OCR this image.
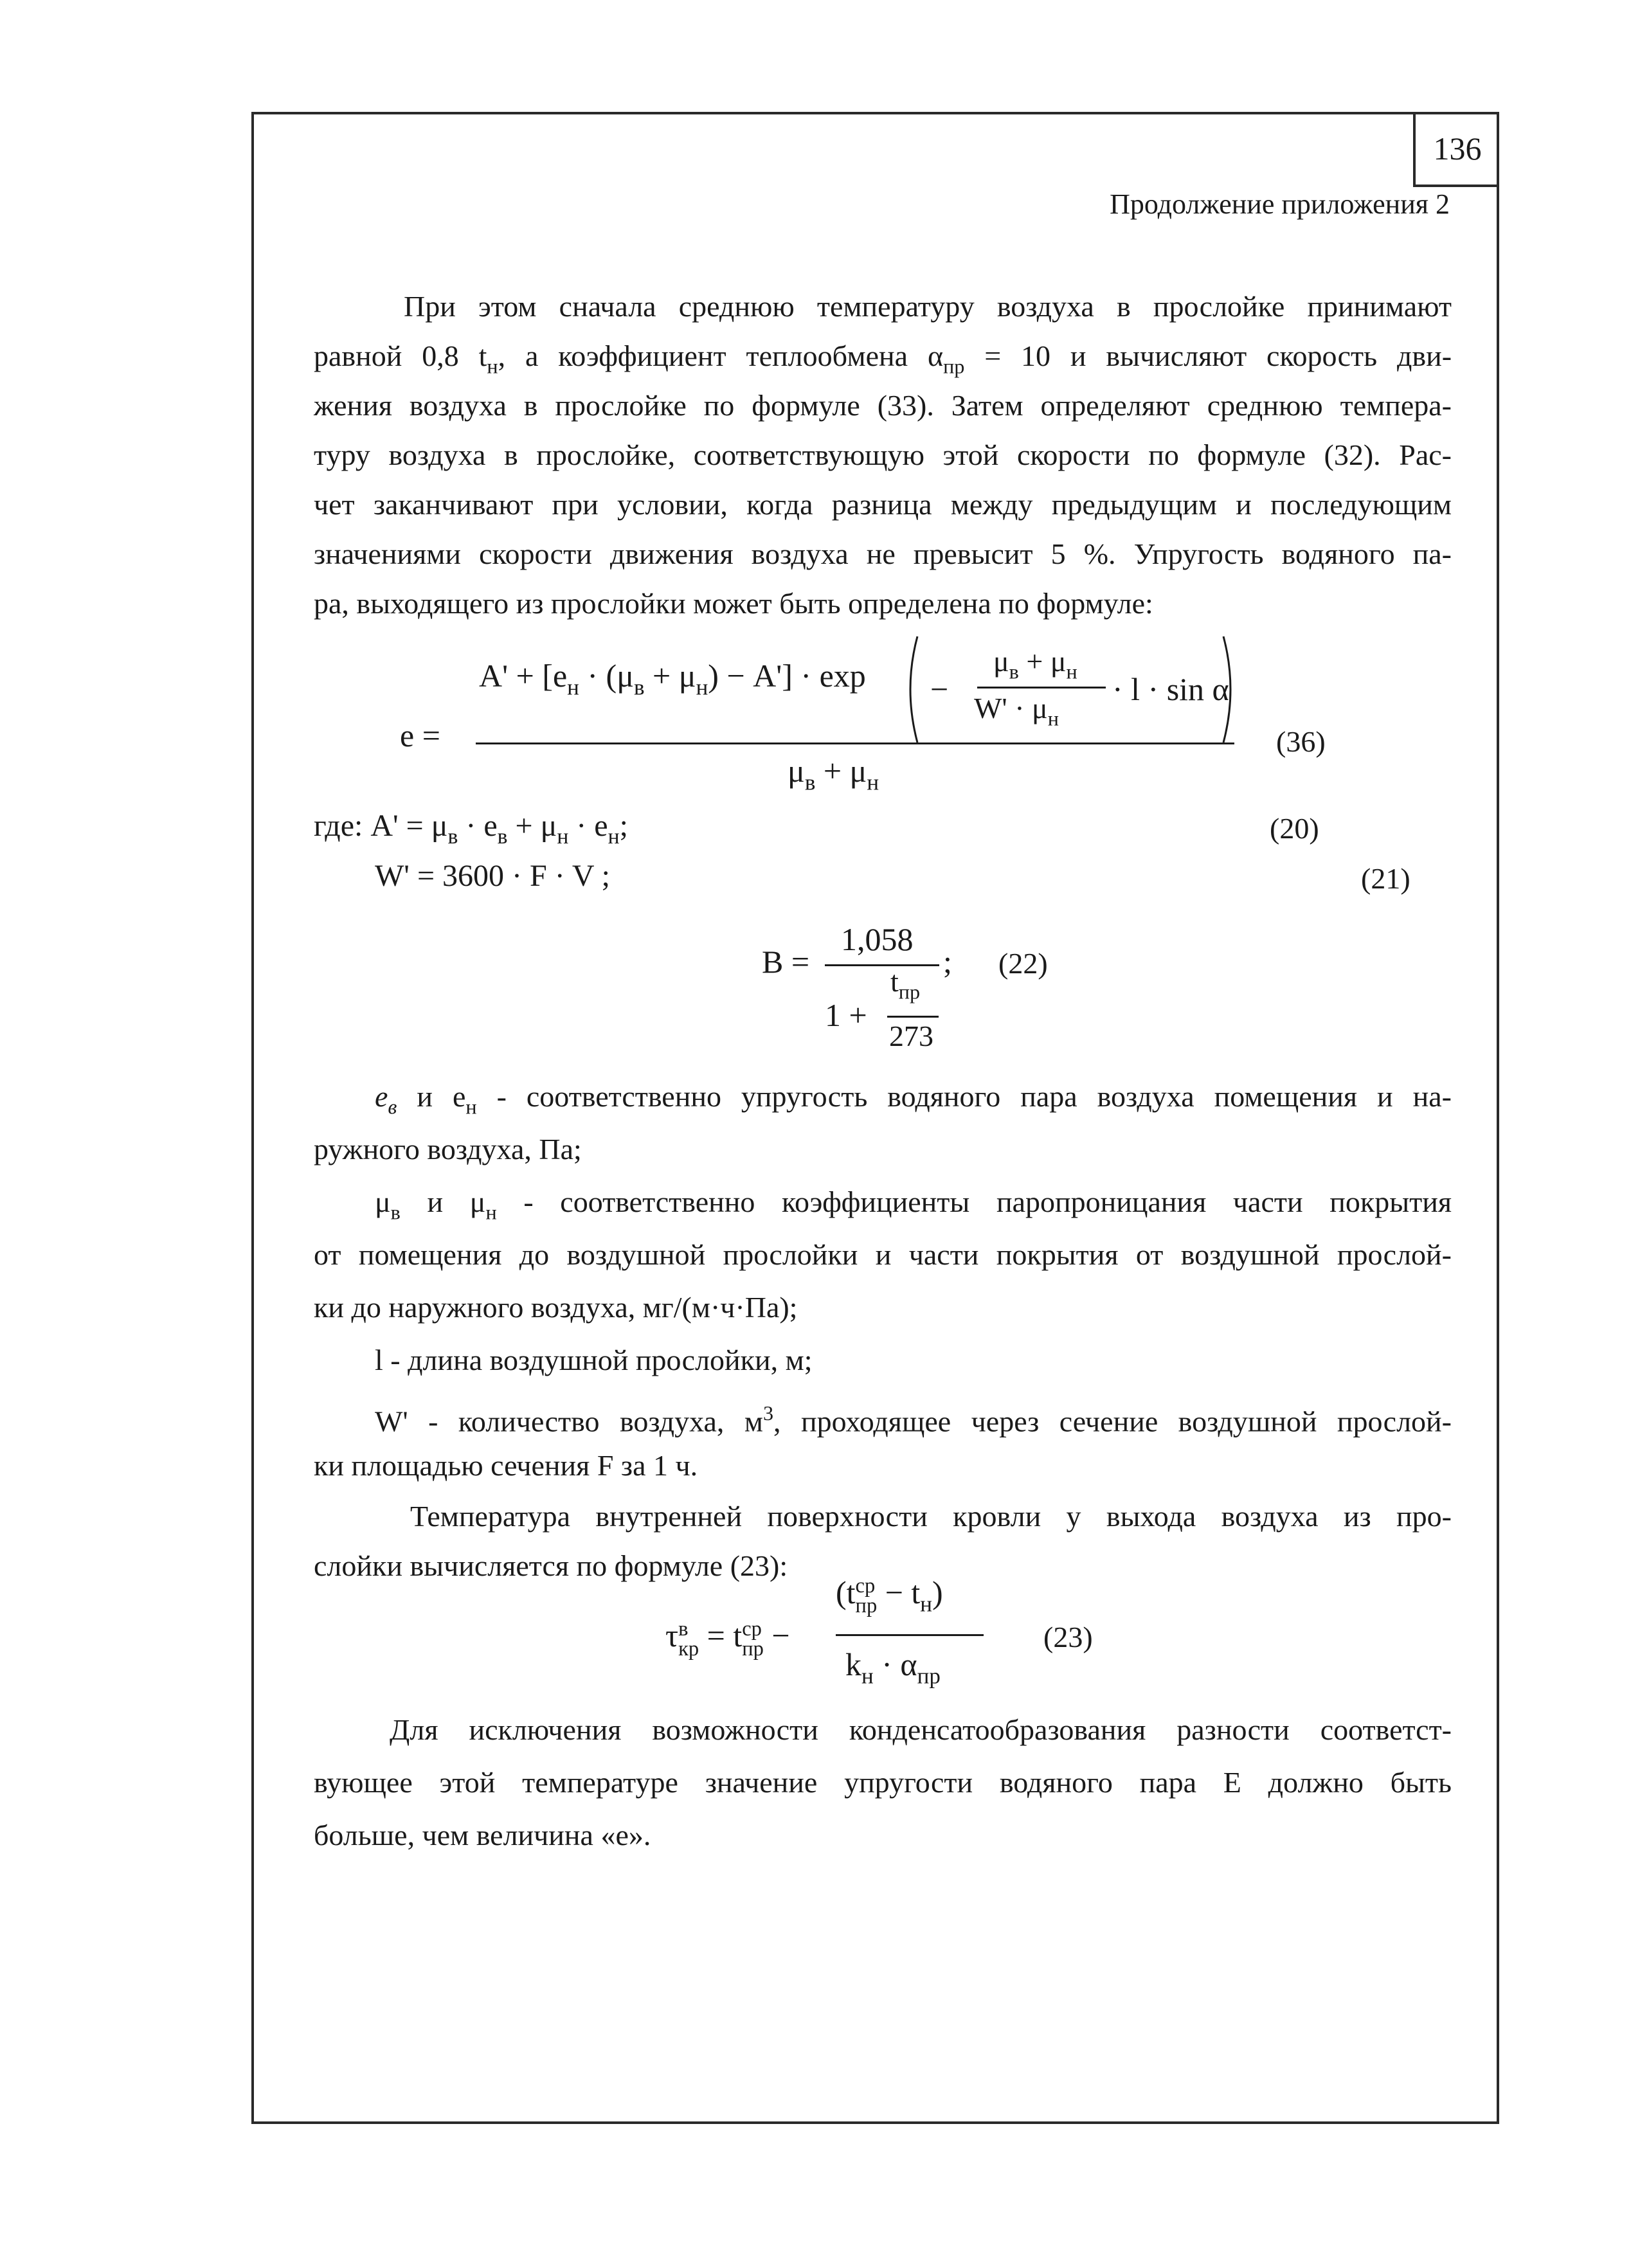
136
Продолжение приложения 2
При этом сначала среднюю температуру воздуха в прослойке принимают
равной 0,8 $t_н$, а коэффициент теплообмена $\alpha_{пр} = 10$ и вычисляют скорость дви-
жения воздуха в прослойке по формуле (33). Затем определяют среднюю темпера-
туру воздуха в прослойке, соответствующую этой скорости по формуле (32). Рас-
чет заканчивают при условии, когда разница между предыдущим и последующим
значениями скорости движения воздуха не превысит 5 %. Упругость водяного па-
ра, выходящего из прослойки может быть определена по формуле:
e =
$A' + [e_н \cdot (\mu_в + \mu_н) - A'] \cdot \exp$ −
$\mu_в + \mu_н$
$W' \cdot \mu_н$
· l · sin α
$\mu_в + \mu_н$
(36)
где: $A' = \mu_в \cdot e_в + \mu_н \cdot e_н$;	(20)
W' = 3600 · F · V ;	(21)
B =
1,058
1 +
$t_{пр}$
273
; (22)
$e_в$ и $e_н$ - соответственно упругость водяного пара воздуха помещения и на-
ружного воздуха, Па;
$\mu_в$ и $\mu_н$ - соответственно коэффициенты паропроницания части покрытия
от помещения до воздушной прослойки и части покрытия от воздушной прослой-
ки до наружного воздуха, мг/(м·ч·Па);
l - длина воздушной прослойки, м;
W' - количество воздуха, $м^3$, проходящее через сечение воздушной прослой-
ки площадью сечения F за 1 ч.
Температура внутренней поверхности кровли у выхода воздуха из про-
слойки вычисляется по формуле (23):
τ в
кр = t ср
пр −
(t ср
пр − $t_н$)
$k_н \cdot \alpha_{пр}$
(23)
Для исключения возможности конденсатообразования разности соответст-
вующее этой температуре значение упругости водяного пара E должно быть
больше, чем величина «е».
